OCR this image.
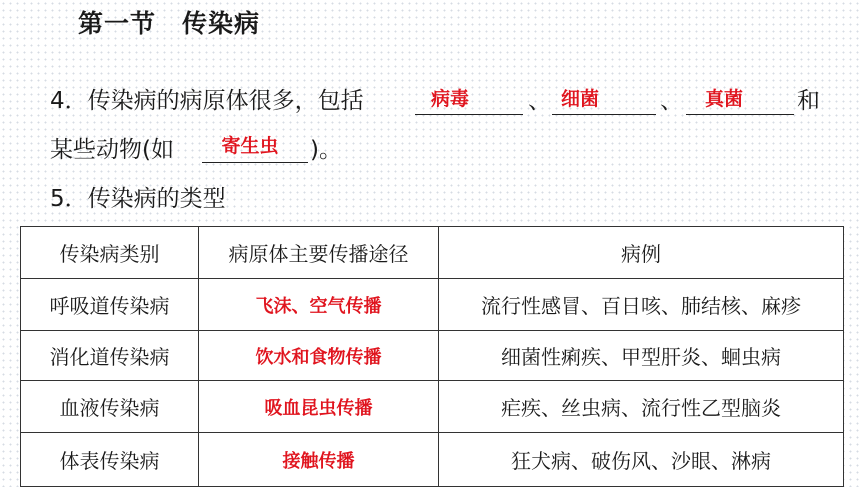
第一节　传染病
4．传染病的病原体很多，包括	病毒	、 细菌	、	真菌	和
某些动物(如	寄生虫	)。
5．传染病的类型
传染病类别	病原体主要传播途径	病例
呼吸道传染病	飞沫、空气传播	流行性感冒、百日咳、肺结核、麻疹
消化道传染病	饮水和食物传播	细菌性痢疾、甲型肝炎、蛔虫病
血液传染病	吸血昆虫传播	疟疾、丝虫病、流行性乙型脑炎
体表传染病	接触传播	狂犬病、破伤风、沙眼、淋病
